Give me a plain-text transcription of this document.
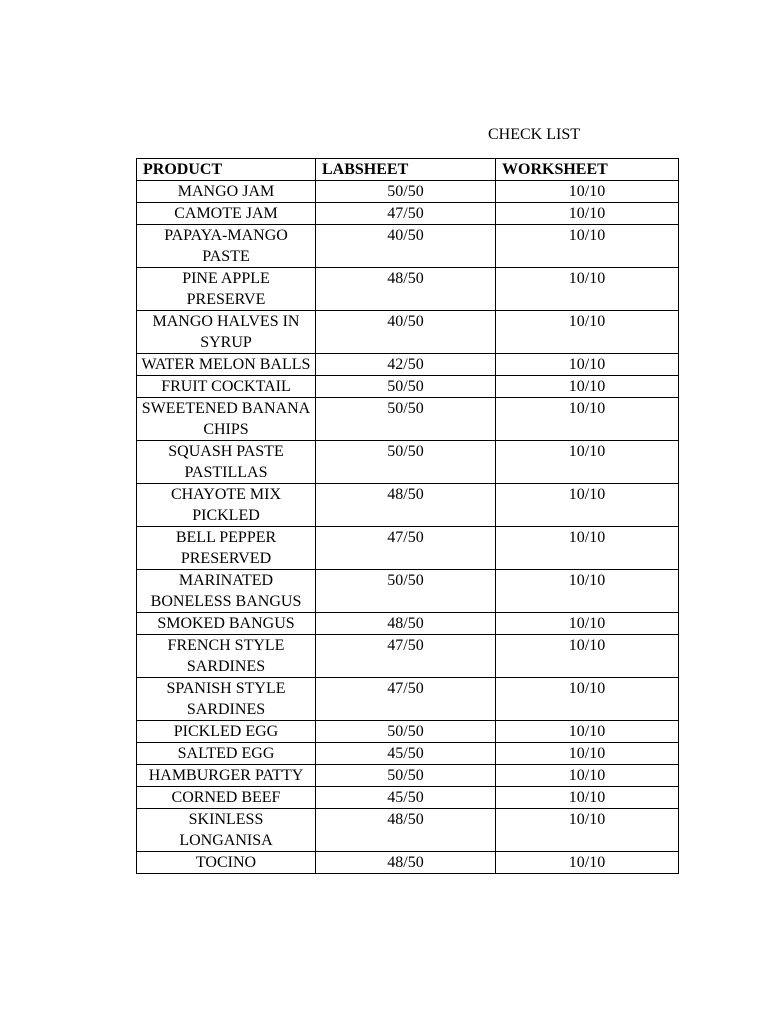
CHECK LIST
PRODUCT	LABSHEET	WORKSHEET
MANGO JAM	50/50	10/10
CAMOTE JAM	47/50	10/10
PAPAYA-MANGO PASTE	40/50	10/10
PINE APPLE PRESERVE	48/50	10/10
MANGO HALVES IN SYRUP	40/50	10/10
WATER MELON BALLS	42/50	10/10
FRUIT COCKTAIL	50/50	10/10
SWEETENED BANANA CHIPS	50/50	10/10
SQUASH PASTE PASTILLAS	50/50	10/10
CHAYOTE MIX PICKLED	48/50	10/10
BELL PEPPER PRESERVED	47/50	10/10
MARINATED BONELESS BANGUS	50/50	10/10
SMOKED BANGUS	48/50	10/10
FRENCH STYLE SARDINES	47/50	10/10
SPANISH STYLE SARDINES	47/50	10/10
PICKLED EGG	50/50	10/10
SALTED EGG	45/50	10/10
HAMBURGER PATTY	50/50	10/10
CORNED BEEF	45/50	10/10
SKINLESS LONGANISA	48/50	10/10
TOCINO	48/50	10/10
